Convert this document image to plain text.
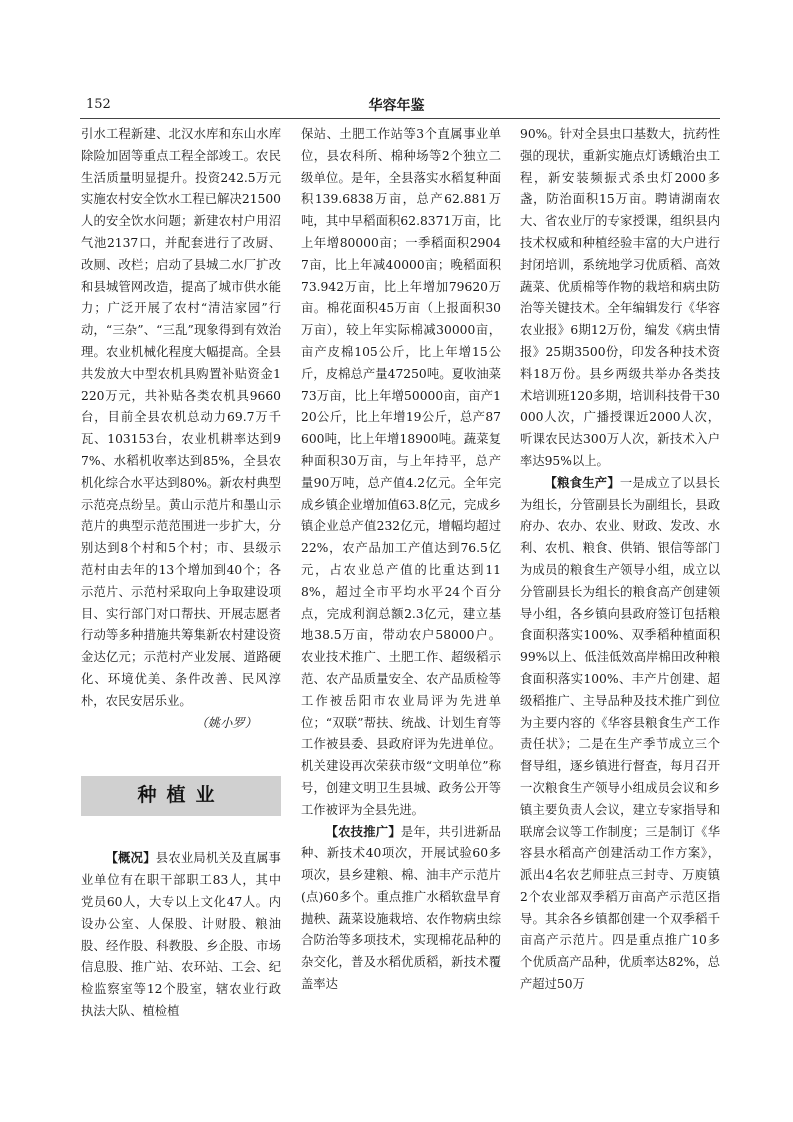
152	华容年鉴

引水工程新建、北汉水库和东山水库除险加固等重点工程全部竣工。农民生活质量明显提升。投资242.5万元实施农村安全饮水工程已解决21500人的安全饮水问题；新建农村户用沼气池2137口，并配套进行了改厨、改厕、改栏；启动了县城二水厂扩改和县城管网改造，提高了城市供水能力；广泛开展了农村“清洁家园”行动，“三杂”、“三乱”现象得到有效治理。农业机械化程度大幅提高。全县共发放大中型农机具购置补贴资金1220万元，共补贴各类农机具9660台，目前全县农机总动力69.7万千瓦、103153台，农业机耕率达到97%、水稻机收率达到85%，全县农机化综合水平达到80%。新农村典型示范亮点纷呈。黄山示范片和墨山示范片的典型示范范围进一步扩大，分别达到8个村和5个村；市、县级示范村由去年的13个增加到40个；各示范片、示范村采取向上争取建设项目、实行部门对口帮扶、开展志愿者行动等多种措施共筹集新农村建设资金达亿元；示范村产业发展、道路硬化、环境优美、条件改善、民风淳朴，农民安居乐业。

（姚小罗）

种植业

【概况】县农业局机关及直属事业单位有在职干部职工83人，其中党员60人，大专以上文化47人。内设办公室、人保股、计财股、粮油股、经作股、科教股、乡企股、市场信息股、推广站、农环站、工会、纪检监察室等12个股室，辖农业行政执法大队、植检植

保站、土肥工作站等3个直属事业单位，县农科所、棉种场等2个独立二级单位。是年，全县落实水稻复种面积139.6838万亩，总产62.881万吨，其中早稻面积62.8371万亩，比上年增80000亩；一季稻面积29047亩，比上年减40000亩；晚稻面积73.942万亩，比上年增加79620万亩。棉花面积45万亩（上报面积30万亩），较上年实际棉减30000亩，亩产皮棉105公斤，比上年增15公斤，皮棉总产量47250吨。夏收油菜73万亩，比上年增50000亩，亩产120公斤，比上年增19公斤，总产87600吨，比上年增18900吨。蔬菜复种面积30万亩，与上年持平，总产量90万吨，总产值4.2亿元。全年完成乡镇企业增加值63.8亿元，完成乡镇企业总产值232亿元，增幅均超过22%，农产品加工产值达到76.5亿元，占农业总产值的比重达到118%，超过全市平均水平24个百分点，完成利润总额2.3亿元，建立基地38.5万亩，带动农户58000户。农业技术推广、土肥工作、超级稻示范、农产品质量安全、农产品质检等工作被岳阳市农业局评为先进单位；“双联”帮扶、统战、计划生育等工作被县委、县政府评为先进单位。机关建设再次荣获市级“文明单位”称号，创建文明卫生县城、政务公开等工作被评为全县先进。

【农技推广】是年，共引进新品种、新技术40项次，开展试验60多项次，县乡建粮、棉、油丰产示范片(点)60多个。重点推广水稻软盘旱育抛秧、蔬菜设施栽培、农作物病虫综合防治等多项技术，实现棉花品种的杂交化，普及水稻优质稻，新技术覆盖率达

90%。针对全县虫口基数大，抗药性强的现状，重新实施点灯诱蛾治虫工程，新安装频振式杀虫灯2000多盏，防治面积15万亩。聘请湖南农大、省农业厅的专家授课，组织县内技术权威和种植经验丰富的大户进行封闭培训，系统地学习优质稻、高效蔬菜、优质棉等作物的栽培和病虫防治等关键技术。全年编辑发行《华容农业报》6期12万份，编发《病虫情报》25期3500份，印发各种技术资料18万份。县乡两级共举办各类技术培训班120多期，培训科技骨干30000人次，广播授课近2000人次，听课农民达300万人次，新技术入户率达95%以上。

【粮食生产】一是成立了以县长为组长，分管副县长为副组长，县政府办、农办、农业、财政、发改、水利、农机、粮食、供销、银信等部门为成员的粮食生产领导小组，成立以分管副县长为组长的粮食高产创建领导小组，各乡镇向县政府签订包括粮食面积落实100%、双季稻种植面积99%以上、低洼低效高岸棉田改种粮食面积落实100%、丰产片创建、超级稻推广、主导品种及技术推广到位为主要内容的《华容县粮食生产工作责任状》；二是在生产季节成立三个督导组，逐乡镇进行督查，每月召开一次粮食生产领导小组成员会议和乡镇主要负责人会议，建立专家指导和联席会议等工作制度；三是制订《华容县水稻高产创建活动工作方案》，派出4名农艺师驻点三封寺、万庾镇2个农业部双季稻万亩高产示范区指导。其余各乡镇都创建一个双季稻千亩高产示范片。四是重点推广10多个优质高产品种，优质率达82%，总产超过50万
